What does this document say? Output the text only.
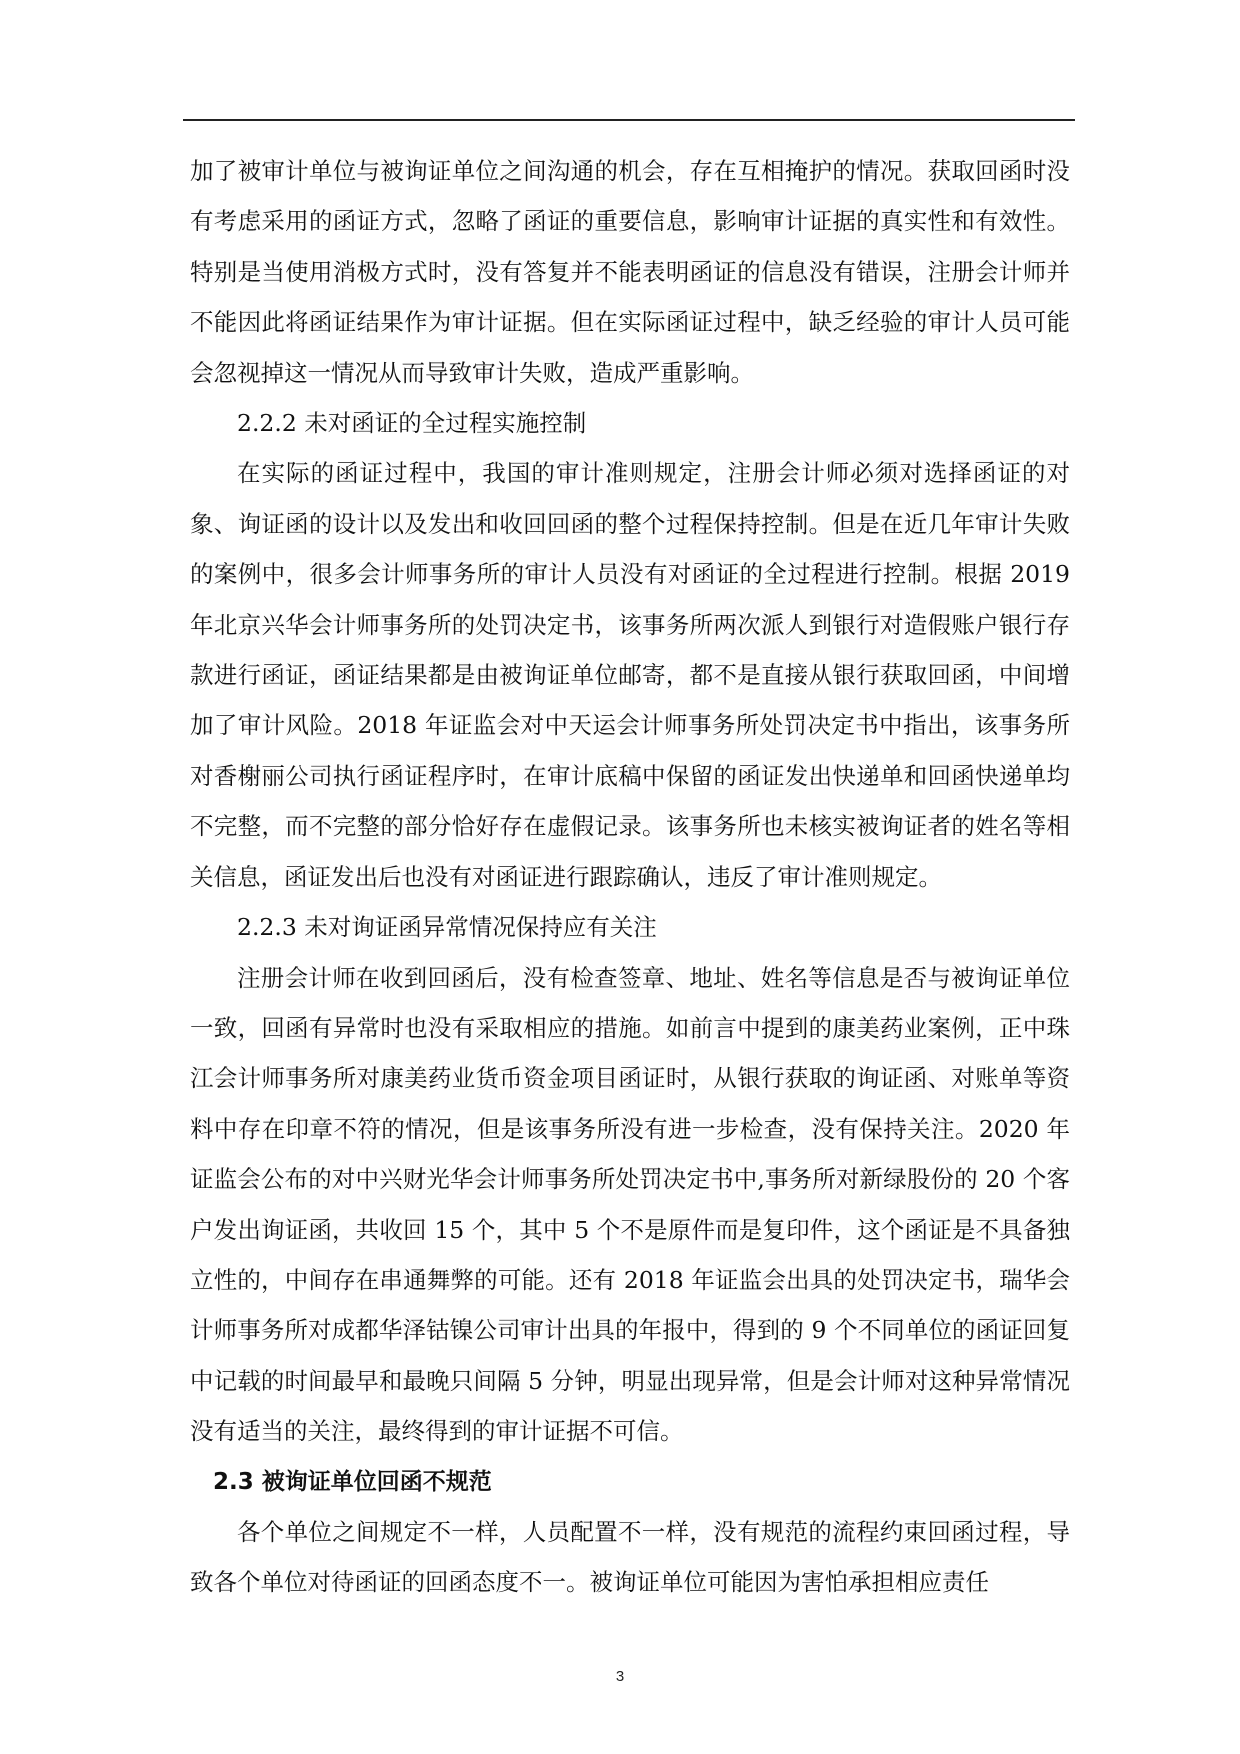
加了被审计单位与被询证单位之间沟通的机会，存在互相掩护的情况。获取回函时没有考虑采用的函证方式，忽略了函证的重要信息，影响审计证据的真实性和有效性。特别是当使用消极方式时，没有答复并不能表明函证的信息没有错误，注册会计师并不能因此将函证结果作为审计证据。但在实际函证过程中，缺乏经验的审计人员可能会忽视掉这一情况从而导致审计失败，造成严重影响。

2.2.2 未对函证的全过程实施控制

在实际的函证过程中，我国的审计准则规定，注册会计师必须对选择函证的对象、询证函的设计以及发出和收回回函的整个过程保持控制。但是在近几年审计失败的案例中，很多会计师事务所的审计人员没有对函证的全过程进行控制。根据 2019 年北京兴华会计师事务所的处罚决定书，该事务所两次派人到银行对造假账户银行存款进行函证，函证结果都是由被询证单位邮寄，都不是直接从银行获取回函，中间增加了审计风险。2018 年证监会对中天运会计师事务所处罚决定书中指出，该事务所对香榭丽公司执行函证程序时，在审计底稿中保留的函证发出快递单和回函快递单均不完整，而不完整的部分恰好存在虚假记录。该事务所也未核实被询证者的姓名等相关信息，函证发出后也没有对函证进行跟踪确认，违反了审计准则规定。

2.2.3 未对询证函异常情况保持应有关注

注册会计师在收到回函后，没有检查签章、地址、姓名等信息是否与被询证单位一致，回函有异常时也没有采取相应的措施。如前言中提到的康美药业案例，正中珠江会计师事务所对康美药业货币资金项目函证时，从银行获取的询证函、对账单等资料中存在印章不符的情况，但是该事务所没有进一步检查，没有保持关注。2020 年证监会公布的对中兴财光华会计师事务所处罚决定书中,事务所对新绿股份的 20 个客户发出询证函，共收回 15 个，其中 5 个不是原件而是复印件，这个函证是不具备独立性的，中间存在串通舞弊的可能。还有 2018 年证监会出具的处罚决定书，瑞华会计师事务所对成都华泽钴镍公司审计出具的年报中，得到的 9 个不同单位的函证回复中记载的时间最早和最晚只间隔 5 分钟，明显出现异常，但是会计师对这种异常情况没有适当的关注，最终得到的审计证据不可信。

2.3 被询证单位回函不规范

各个单位之间规定不一样，人员配置不一样，没有规范的流程约束回函过程，导致各个单位对待函证的回函态度不一。被询证单位可能因为害怕承担相应责任

3
